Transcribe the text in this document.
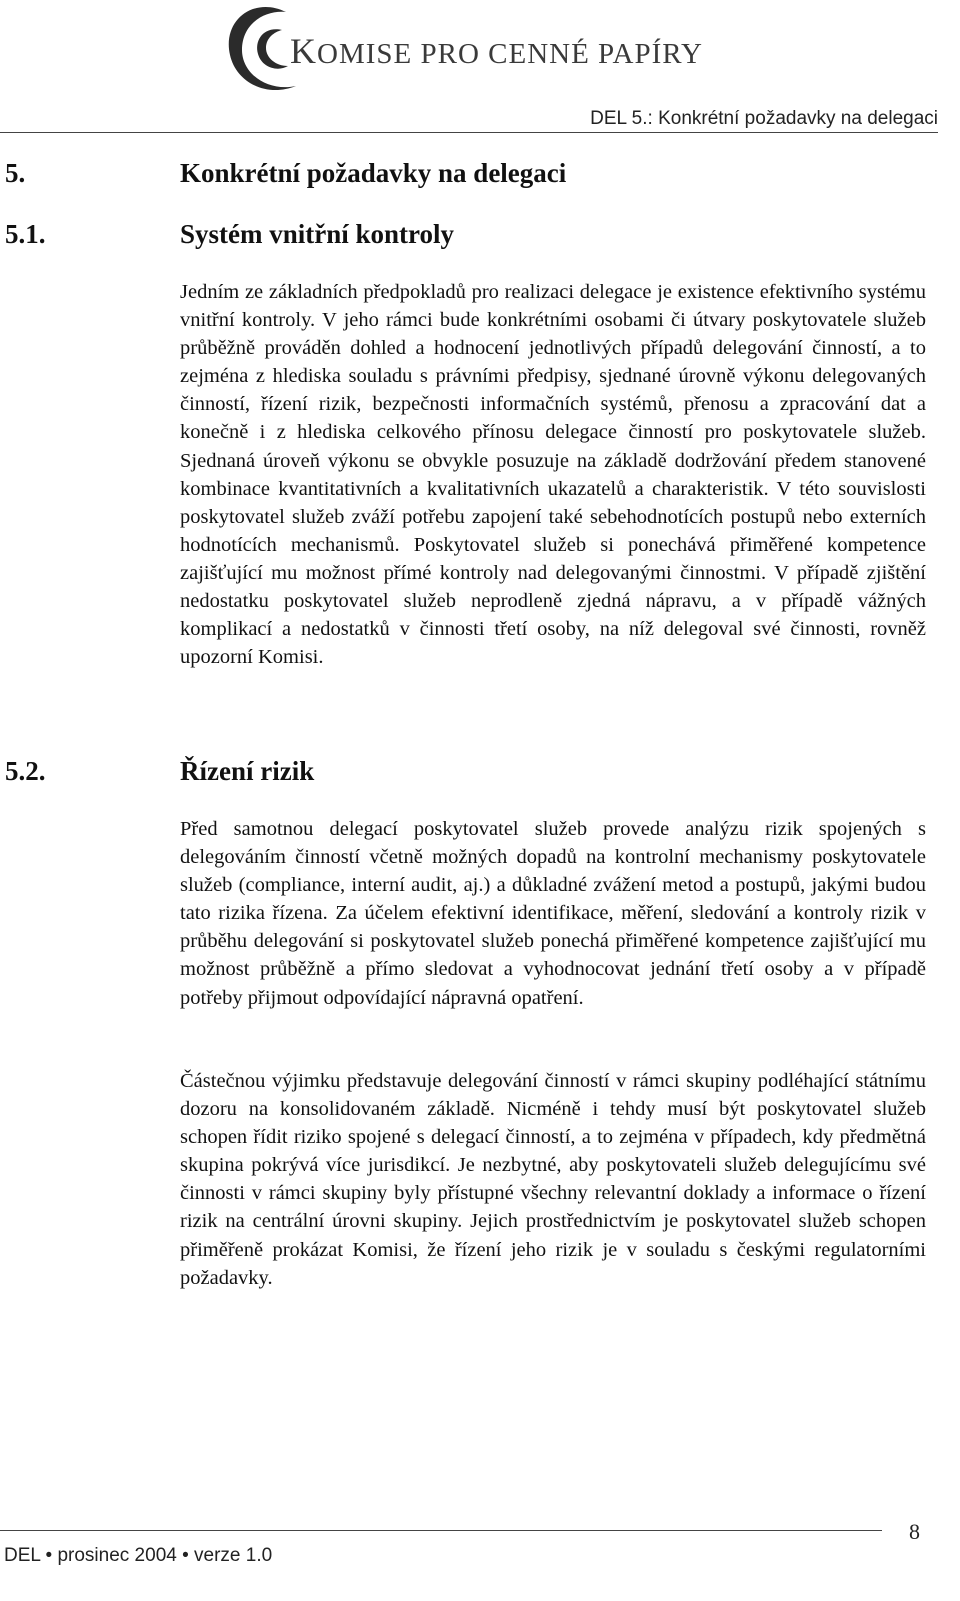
KOMISE PRO CENNÉ PAPÍRY
DEL 5.: Konkrétní požadavky na delegaci
5.	Konkrétní požadavky na delegaci
5.1.	Systém vnitřní kontroly

Jedním ze základních předpokladů pro realizaci delegace je existence efektivního systému vnitřní kontroly. V jeho rámci bude konkrétními osobami či útvary poskytovatele služeb průběžně prováděn dohled a hodnocení jednotlivých případů delegování činností, a to zejména z hlediska souladu s právními předpisy, sjednané úrovně výkonu delegovaných činností, řízení rizik, bezpečnosti informačních systémů, přenosu a zpracování dat a konečně i z hlediska celkového přínosu delegace činností pro poskytovatele služeb. Sjednaná úroveň výkonu se obvykle posuzuje na základě dodržování předem stanovené kombinace kvantitativních a kvalitativních ukazatelů a charakteristik. V této souvislosti poskytovatel služeb zváží potřebu zapojení také sebehodnotících postupů nebo externích hodnotících mechanismů. Poskytovatel služeb si ponechává přiměřené kompetence zajišťující mu možnost přímé kontroly nad delegovanými činnostmi. V případě zjištění nedostatku poskytovatel služeb neprodleně zjedná nápravu, a v případě vážných komplikací a nedostatků v činnosti třetí osoby, na níž delegoval své činnosti, rovněž upozorní Komisi.

5.2.	Řízení rizik

Před samotnou delegací poskytovatel služeb provede analýzu rizik spojených s delegováním činností včetně možných dopadů na kontrolní mechanismy poskytovatele služeb (compliance, interní audit, aj.) a důkladné zvážení metod a postupů, jakými budou tato rizika řízena. Za účelem efektivní identifikace, měření, sledování a kontroly rizik v průběhu delegování si poskytovatel služeb ponechá přiměřené kompetence zajišťující mu možnost průběžně a přímo sledovat a vyhodnocovat jednání třetí osoby a v případě potřeby přijmout odpovídající nápravná opatření.

Částečnou výjimku představuje delegování činností v rámci skupiny podléhající státnímu dozoru na konsolidovaném základě. Nicméně i tehdy musí být poskytovatel služeb schopen řídit riziko spojené s delegací činností, a to zejména v případech, kdy předmětná skupina pokrývá více jurisdikcí. Je nezbytné, aby poskytovateli služeb delegujícímu své činnosti v rámci skupiny byly přístupné všechny relevantní doklady a informace o řízení rizik na centrální úrovni skupiny. Jejich prostřednictvím je poskytovatel služeb schopen přiměřeně prokázat Komisi, že řízení jeho rizik je v souladu s českými regulatorními požadavky.

8
DEL • prosinec 2004 • verze 1.0
